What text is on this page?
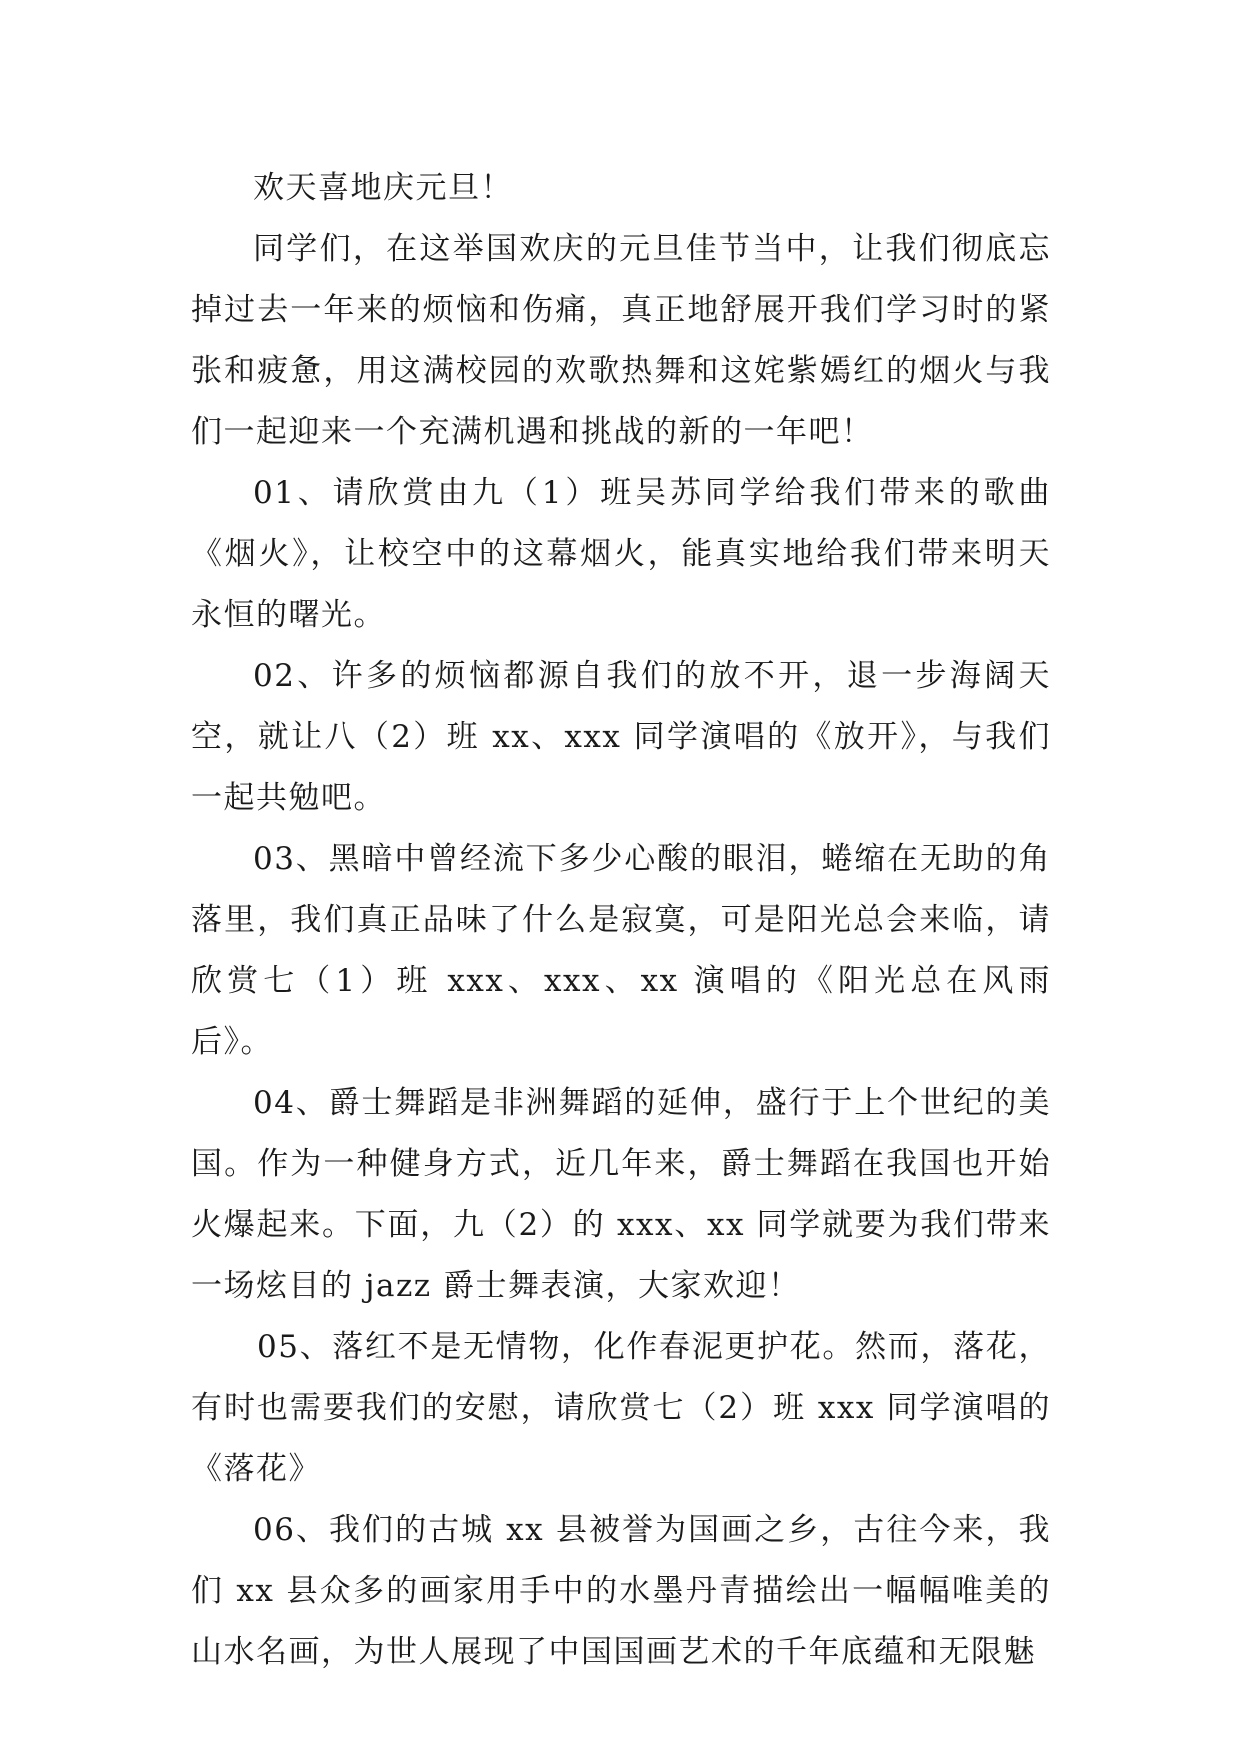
欢天喜地庆元旦！

同学们，在这举国欢庆的元旦佳节当中，让我们彻底忘掉过去一年来的烦恼和伤痛，真正地舒展开我们学习时的紧张和疲惫，用这满校园的欢歌热舞和这姹紫嫣红的烟火与我们一起迎来一个充满机遇和挑战的新的一年吧！

01、请欣赏由九（1）班吴苏同学给我们带来的歌曲《烟火》，让校空中的这幕烟火，能真实地给我们带来明天永恒的曙光。

02、许多的烦恼都源自我们的放不开，退一步海阔天空，就让八（2）班 xx、xxx 同学演唱的《放开》，与我们一起共勉吧。

03、黑暗中曾经流下多少心酸的眼泪，蜷缩在无助的角落里，我们真正品味了什么是寂寞，可是阳光总会来临，请欣赏七（1）班 xxx、xxx、xx 演唱的《阳光总在风雨后》。

04、爵士舞蹈是非洲舞蹈的延伸，盛行于上个世纪的美国。作为一种健身方式，近几年来，爵士舞蹈在我国也开始火爆起来。下面，九（2）的 xxx、xx 同学就要为我们带来一场炫目的 jazz 爵士舞表演，大家欢迎！

05、落红不是无情物，化作春泥更护花。然而，落花，有时也需要我们的安慰，请欣赏七（2）班 xxx 同学演唱的《落花》

06、我们的古城 xx 县被誉为国画之乡，古往今来，我们 xx 县众多的画家用手中的水墨丹青描绘出一幅幅唯美的山水名画，为世人展现了中国国画艺术的千年底蕴和无限魅
